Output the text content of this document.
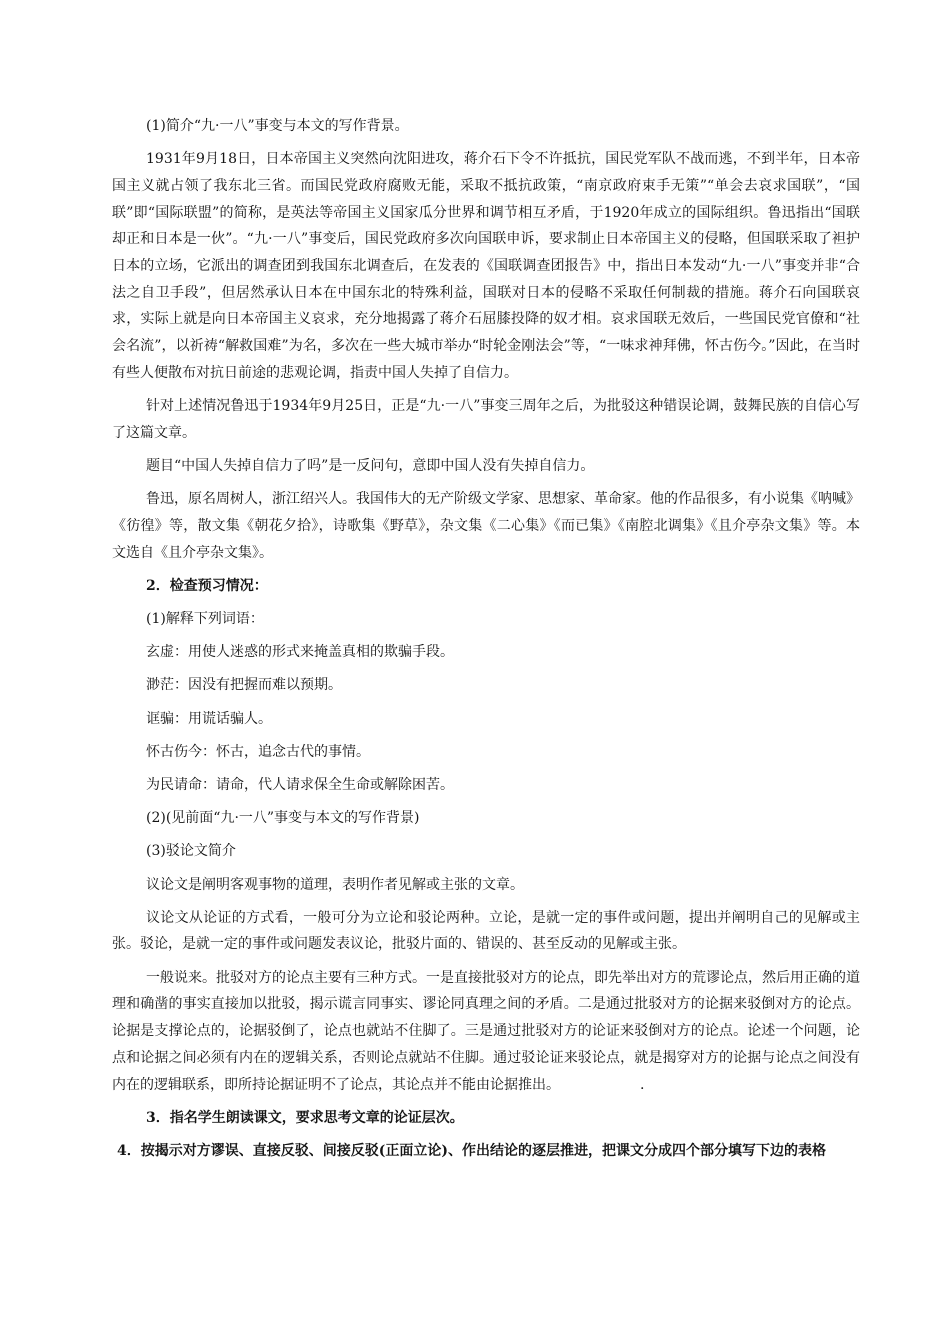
(1)简介“九·一八”事变与本文的写作背景。

1931年9月18日，日本帝国主义突然向沈阳进攻，蒋介石下令不许抵抗，国民党军队不战而逃，不到半年，日本帝国主义就占领了我东北三省。而国民党政府腐败无能，采取不抵抗政策，“南京政府束手无策”“单会去哀求国联”，“国联”即“国际联盟”的简称，是英法等帝国主义国家瓜分世界和调节相互矛盾，于1920年成立的国际组织。鲁迅指出“国联却正和日本是一伙”。“九·一八”事变后，国民党政府多次向国联申诉，要求制止日本帝国主义的侵略，但国联采取了袒护日本的立场，它派出的调查团到我国东北调查后，在发表的《国联调查团报告》中，指出日本发动“九·一八”事变并非“合法之自卫手段”，但居然承认日本在中国东北的特殊利益，国联对日本的侵略不采取任何制裁的措施。蒋介石向国联哀求，实际上就是向日本帝国主义哀求，充分地揭露了蒋介石屈膝投降的奴才相。哀求国联无效后，一些国民党官僚和“社会名流”，以祈祷“解救国难”为名，多次在一些大城市举办“时轮金刚法会”等，“一味求神拜佛，怀古伤今。”因此，在当时有些人便散布对抗日前途的悲观论调，指责中国人失掉了自信力。

针对上述情况鲁迅于1934年9月25日，正是“九·一八”事变三周年之后，为批驳这种错误论调，鼓舞民族的自信心写了这篇文章。

题目“中国人失掉自信力了吗”是一反问句，意即中国人没有失掉自信力。

鲁迅，原名周树人，浙江绍兴人。我国伟大的无产阶级文学家、思想家、革命家。他的作品很多，有小说集《呐喊》《彷徨》等，散文集《朝花夕拾》，诗歌集《野草》，杂文集《二心集》《而已集》《南腔北调集》《且介亭杂文集》等。本文选自《且介亭杂文集》。

2．检查预习情况：

(1)解释下列词语：

玄虚：用使人迷惑的形式来掩盖真相的欺骗手段。

渺茫：因没有把握而难以预期。

诓骗：用谎话骗人。

怀古伤今：怀古，追念古代的事情。

为民请命：请命，代人请求保全生命或解除困苦。

(2)(见前面“九·一八”事变与本文的写作背景)

(3)驳论文简介

议论文是阐明客观事物的道理，表明作者见解或主张的文章。

议论文从论证的方式看，一般可分为立论和驳论两种。立论，是就一定的事件或问题，提出并阐明自己的见解或主张。驳论，是就一定的事件或问题发表议论，批驳片面的、错误的、甚至反动的见解或主张。

一般说来。批驳对方的论点主要有三种方式。一是直接批驳对方的论点，即先举出对方的荒谬论点，然后用正确的道理和确凿的事实直接加以批驳，揭示谎言同事实、谬论同真理之间的矛盾。二是通过批驳对方的论据来驳倒对方的论点。论据是支撑论点的，论据驳倒了，论点也就站不住脚了。三是通过批驳对方的论证来驳倒对方的论点。论述一个问题，论点和论据之间必须有内在的逻辑关系，否则论点就站不住脚。通过驳论证来驳论点，就是揭穿对方的论据与论点之间没有内在的逻辑联系，即所持论据证明不了论点，其论点并不能由论据推出。	.

3．指名学生朗读课文，要求思考文章的论证层次。

4．按揭示对方谬误、直接反驳、间接反驳(正面立论)、作出结论的逐层推进，把课文分成四个部分填写下边的表格
